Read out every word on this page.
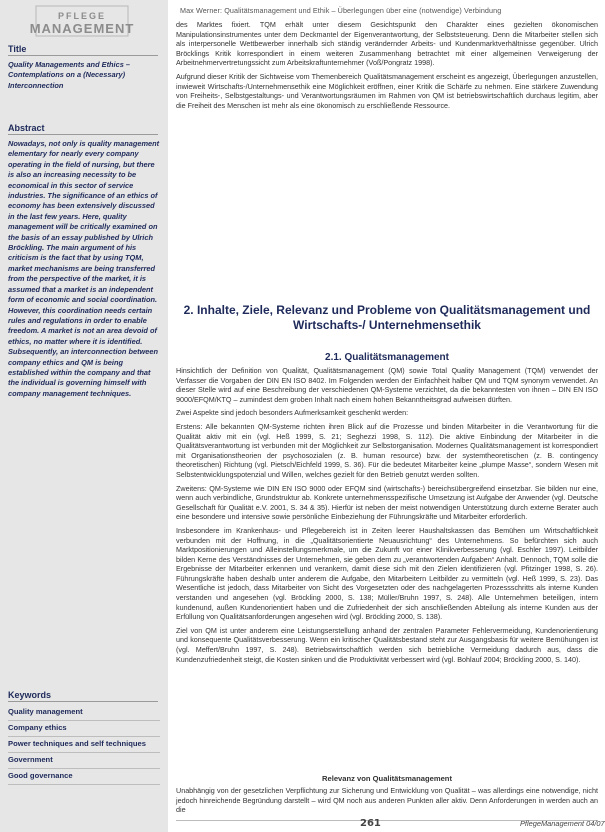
PFLEGE
MANAGEMENT
Title

Quality Managements and Ethics – Contemplations on a (Necessary) Interconnection

Abstract

Nowadays, not only is quality management elementary for nearly every company operating in the field of nursing, but there is also an increasing necessity to be economical in this sector of service industries. The significance of an ethics of economy has been extensively discussed in the last few years. Here, quality management will be critically examined on the basis of an essay published by Ulrich Bröckling. The main argument of his criticism is the fact that by using TQM, market mechanisms are being transferred from the perspective of the market, it is assumed that a market is an independent form of economic and social coordination. However, this coordination needs certain rules and regulations in order to enable freedom. A market is not an area devoid of ethics, no matter where it is identified. Subsequently, an interconnection between company ethics and QM is being established within the company and that the individual is governing himself with company management techniques.

Keywords
Quality management
Company ethics
Power techniques and self techniques
Government
Good governance
Max Werner: Qualitätsmanagement und Ethik – Überlegungen über eine (notwendige) Verbindung

des Marktes fixiert. TQM erhält unter diesem Gesichtspunkt den Charakter eines gezielten ökonomischen Manipulationsinstrumentes unter dem Deckmantel der Eigenverantwortung, der Selbststeuerung. Denn die Mitarbeiter stellen sich als interpersonelle Wettbewerber innerhalb sich ständig verändernder Arbeits- und Kundenmarktverhältnisse gegenüber. Ulrich Bröcklings Kritik korrespondiert in einem weiteren Zusammenhang betrachtet mit einer allgemeinen Verweigerung der Arbeitnehmervertretungssicht zum Arbeitskraftunternehmer (Voß/Pongratz 1998).

Aufgrund dieser Kritik der Sichtweise vom Themenbereich Qualitätsmanagement erscheint es angezeigt, Überlegungen anzustellen, inwieweit Wirtschafts-/Unternehmensethik eine Möglichkeit eröffnen, einer Kritik die Schärfe zu nehmen. Eine stärkere Zuwendung von Freiheits-, Selbstgestaltungs- und Verantwortungsräumen im Rahmen von QM ist betriebswirtschaftlich durchaus legitim, aber die Freiheit des Menschen ist mehr als eine ökonomisch zu erschließende Ressource.

2. Inhalte, Ziele, Relevanz und Probleme von Qualitätsmanagement und Wirtschafts-/ Unternehmensethik
2.1. Qualitätsmanagement

Hinsichtlich der Definition von Qualität, Qualitätsmanagement (QM) sowie Total Quality Management (TQM) verwendet der Verfasser die Vorgaben der DIN EN ISO 8402. Im Folgenden werden der Einfachheit halber QM und TQM synonym verwendet. An dieser Stelle wird auf eine Beschreibung der verschiedenen QM-Systeme verzichtet, da die bekanntesten von ihnen – DIN EN ISO 9000/EFQM/KTQ – zumindest dem groben Inhalt nach einem hohen Bekanntheitsgrad aufweisen dürften.

Zwei Aspekte sind jedoch besonders Aufmerksamkeit geschenkt werden:

Erstens: Alle bekannten QM-Systeme richten ihren Blick auf die Prozesse und binden Mitarbeiter in die Verantwortung für die Qualität aktiv mit ein (vgl. Heß 1999, S. 21; Seghezzi 1998, S. 112). Die aktive Einbindung der Mitarbeiter in die Qualitätsverantwortung ist verbunden mit der Möglichkeit zur Selbstorganisation. Modernes Qualitätsmanagement ist korrespondiert mit Organisationstheorien der psychosozialen (z. B. human resource) bzw. der systemtheoretischen (z. B. contingency theoretischen) Richtung (vgl. Pietsch/Eichfeld 1999, S. 36). Für die bedeutet Mitarbeiter keine „plumpe Masse“, sondern Wesen mit Selbstentwicklungspotenzial und Willen, welches gezielt für den Betrieb genutzt werden sollten.

Zweitens: QM-Systeme wie DIN EN ISO 9000 oder EFQM sind (wirtschafts-) bereichsübergreifend einsetzbar. Sie bilden nur eine, wenn auch verbindliche, Grundstruktur ab. Konkrete unternehmensspezifische Umsetzung ist Aufgabe der Anwender (vgl. Deutsche Gesellschaft für Qualität e.V. 2001, S. 34 & 35). Hierfür ist neben der meist notwendigen Unterstützung durch externe Berater auch eine besondere und intensive sowie persönliche Einbeziehung der Führungskräfte und Mitarbeiter erforderlich.

Insbesondere im Krankenhaus- und Pflegebereich ist in Zeiten leerer Haushaltskassen das Bemühen um Wirtschaftlichkeit verbunden mit der Hoffnung, in die „Qualitätsorientierte Neuausrichtung“ des Unternehmens. So befürchten sich auch Marktpositionierungen und Alleinstellungsmerkmale, um die Zukunft vor einer Klinikverbesserung (vgl. Eschler 1997). Leitbilder bilden Kerne des Verständnisses der Unternehmen, sie geben dem zu „verantwortenden Aufgaben“ Anhalt. Dennoch, TQM solle die Ergebnisse der Mitarbeiter erkennen und verankern, damit diese sich mit den Zielen identifizieren (vgl. Pfitzinger 1998, S. 26). Führungskräfte haben deshalb unter anderem die Aufgabe, den Mitarbeitern Leitbilder zu vermitteln (vgl. Heß 1999, S. 23). Das Wesentliche ist jedoch, dass Mitarbeiter von Sicht des Vorgesetzten oder des nachgelagerten Prozessschritts als interne Kunden verstanden und angesehen (vgl. Bröckling 2000, S. 138; Müller/Bruhn 1997, S. 248). Alle Unternehmen beteiligen, intern kundenund, außen Kundenorientiert haben und die Zufriedenheit der sich anschließenden Abteilung als interne Kunden aus der Erfüllung von Qualitätsanforderungen angesehen wird (vgl. Bröckling 2000, S. 138).

Ziel von QM ist unter anderem eine Leistungserstellung anhand der zentralen Parameter Fehlervermeidung, Kundenorientierung und konsequente Qualitätsverbesserung. Wenn ein kritischer Qualitätsbestand steht zur Ausgangsbasis für weitere Bemühungen ist (vgl. Meffert/Bruhn 1997, S. 248). Betriebswirtschaftlich werden sich betriebliche Vermeidung dadurch aus, dass die Kundenzufriedenheit steigt, die Kosten sinken und die Produktivität verbessert wird (vgl. Bohlauf 2004; Bröckling 2000, S. 140).

Relevanz von Qualitätsmanagement

Unabhängig von der gesetzlichen Verpflichtung zur Sicherung und Entwicklung von Qualität – was allerdings eine notwendige, nicht jedoch hinreichende Begründung darstellt – wird QM noch aus anderen Punkten aller aktiv. Denn Anforderungen in werden auch an die

261	PflegeManagement 04/07
